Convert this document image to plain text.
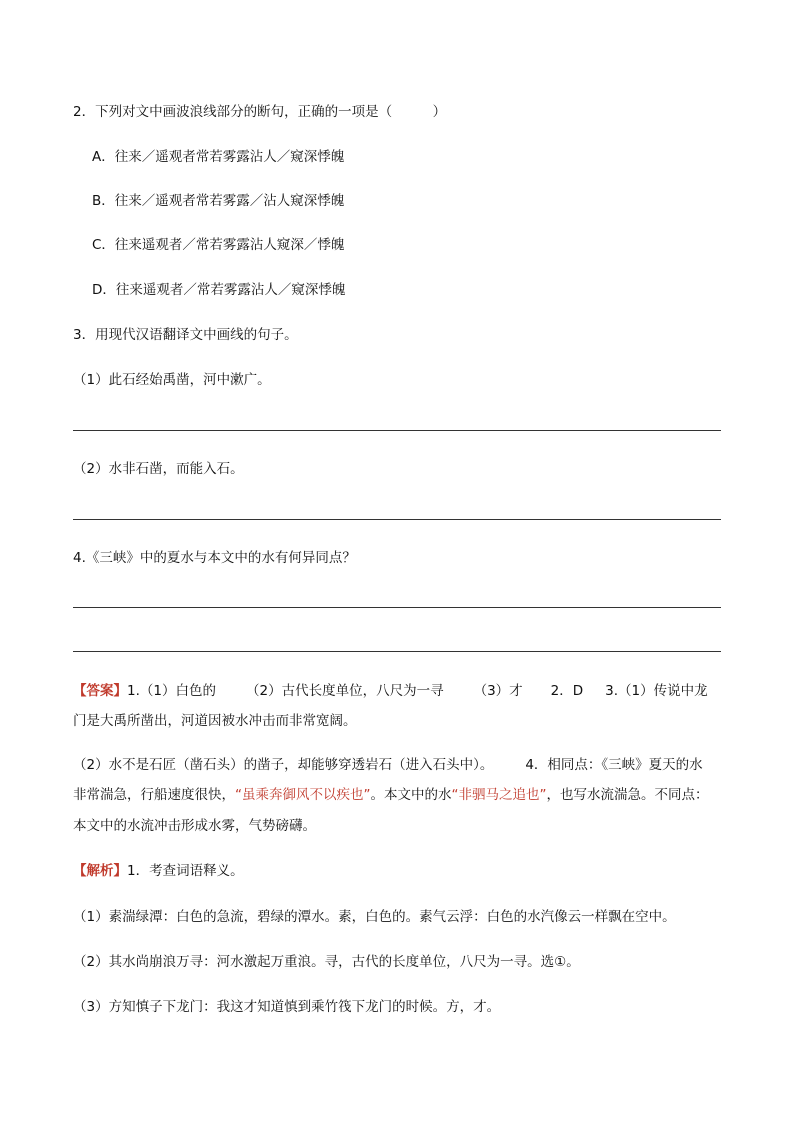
2．下列对文中画波浪线部分的断句，正确的一项是（　　　）
A．往来／遥观者常若雾露沾人／窥深悸魄
B．往来／遥观者常若雾露／沾人窥深悸魄
C．往来遥观者／常若雾露沾人窥深／悸魄
D．往来遥观者／常若雾露沾人／窥深悸魄
3．用现代汉语翻译文中画线的句子。
（1）此石经始禹凿，河中漱广。
（2）水非石凿，而能入石。
4.《三峡》中的夏水与本文中的水有何异同点？
【答案】1.（1）白色的 （2）古代长度单位，八尺为一寻 （3）才 2．D 3.（1）传说中龙
门是大禹所凿出，河道因被水冲击而非常宽阔。
（2）水不是石匠（凿石头）的凿子，却能够穿透岩石（进入石头中）。 4．相同点：《三峡》夏天的水
非常湍急，行船速度很快，“虽乘奔御风不以疾也”。本文中的水“非驷马之追也”，也写水流湍急。不同点：
本文中的水流冲击形成水雾，气势磅礴。
【解析】1．考查词语释义。
（1）素湍绿潭：白色的急流，碧绿的潭水。素，白色的。素气云浮：白色的水汽像云一样飘在空中。
（2）其水尚崩浪万寻：河水激起万重浪。寻，古代的长度单位，八尺为一寻。选①。
（3）方知慎子下龙门：我这才知道慎到乘竹筏下龙门的时候。方，才。
